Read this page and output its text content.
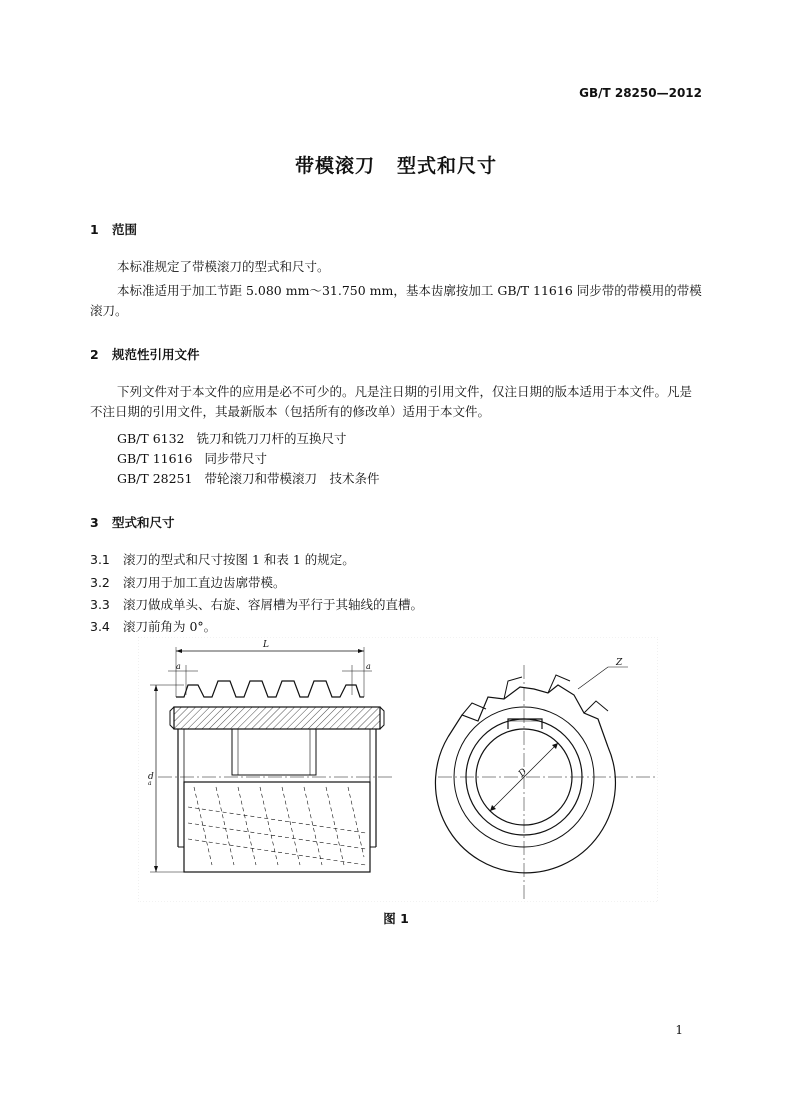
GB/T 28250—2012
带模滚刀 型式和尺寸
1 范围
本标准规定了带模滚刀的型式和尺寸。
本标准适用于加工节距 5.080 mm～31.750 mm，基本齿廓按加工 GB/T 11616 同步带的带模用的带模滚刀。
2 规范性引用文件
下列文件对于本文件的应用是必不可少的。凡是注日期的引用文件，仅注日期的版本适用于本文件。凡是不注日期的引用文件，其最新版本（包括所有的修改单）适用于本文件。
GB/T 6132 铣刀和铣刀刀杆的互换尺寸
GB/T 11616 同步带尺寸
GB/T 28251 带轮滚刀和带模滚刀　技术条件
3 型式和尺寸
3.1 滚刀的型式和尺寸按图 1 和表 1 的规定。
3.2 滚刀用于加工直边齿廓带模。
3.3 滚刀做成单头、右旋、容屑槽为平行于其轴线的直槽。
3.4 滚刀前角为 0°。
L
a	a
d
a
D
Z
图 1
1
